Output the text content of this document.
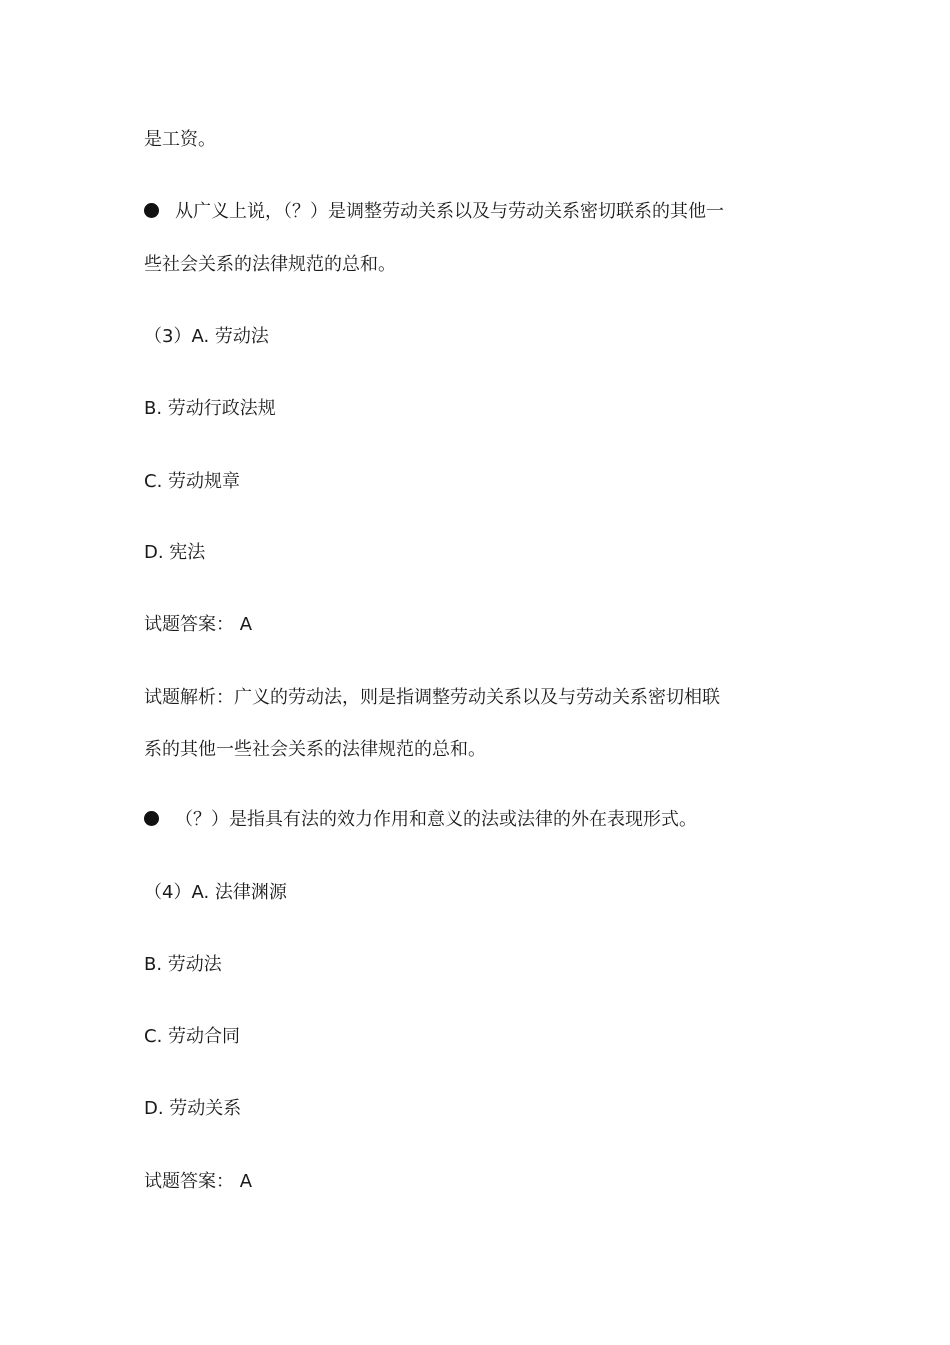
是工资。
从广义上说，（？）是调整劳动关系以及与劳动关系密切联系的其他一
些社会关系的法律规范的总和。
（3）A. 劳动法
B. 劳动行政法规
C. 劳动规章
D. 宪法
试题答案： A
试题解析：广义的劳动法，则是指调整劳动关系以及与劳动关系密切相联
系的其他一些社会关系的法律规范的总和。
（？）是指具有法的效力作用和意义的法或法律的外在表现形式。
（4）A. 法律渊源
B. 劳动法
C. 劳动合同
D. 劳动关系
试题答案： A
